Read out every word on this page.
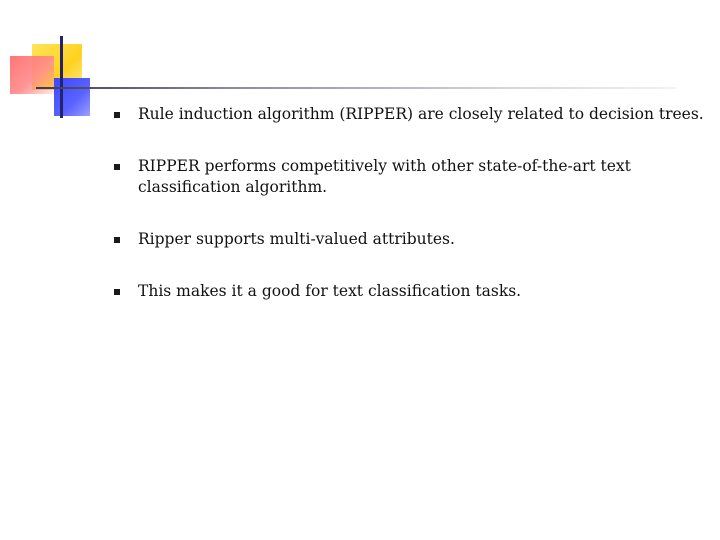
Rule induction algorithm (RIPPER) are closely related to decision trees.
RIPPER performs competitively with other state-of-the-art text classification algorithm.
Ripper supports multi-valued attributes.
This makes it a good for text classification tasks.
